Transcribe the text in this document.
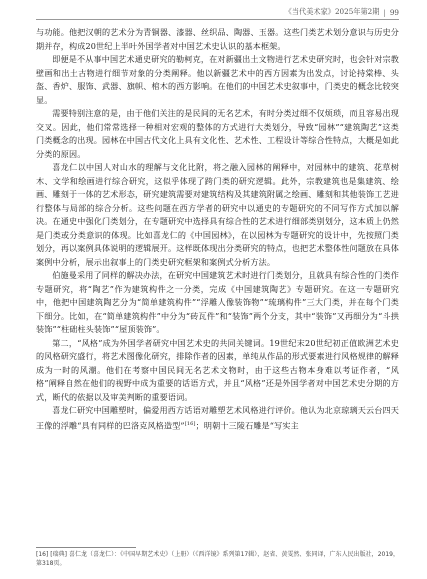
《当代美术家》2025年第2期 | 99

与功能。他把汉朝的艺术分为青铜器、漆器、丝织品、陶器、玉器。这些门类艺术划分意识与历史分期并存，构成20世纪上半叶外国学者对中国艺术史认识的基本框架。

即便是不从事中国艺术通史研究的勒柯克，在对新疆出土文物进行艺术史研究时，也会针对宗教壁画和出土古物进行细节对象的分类阐释。他以新疆艺术中的西方因素为出发点，讨论持棠棒、头盔、香炉、服饰、武器、旗帜、棺木的西方影响。在他们的中国艺术史叙事中，门类史的概念比较突显。

需要特别注意的是，由于他们关注的是民间的无名艺术，有时分类过细不仅烦琐，而且容易出现交叉。因此，他们常常选择一种相对宏观的整体的方式进行大类划分，导致“园林”“建筑陶艺”这类门类概念的出现。园林在中国古代文化上具有文化性、艺术性、工程设计等综合性特点，大概是如此分类的原因。

喜龙仁以中国人对山水的理解与文化比附，将之融入园林的阐释中，对园林中的建筑、花草树木、文学和绘画进行综合研究，这似乎体现了跨门类的研究逻辑。此外，宗教建筑也是集建筑、绘画、雕刻于一体的艺术形态，研究建筑需要对建筑结构及其建筑附属之绘画、雕刻和其他装饰工艺进行整体与局部的综合分析。这些问题在西方学者的研究中以通史的专题研究的不同写作方式加以解决。在通史中强化门类划分，在专题研究中选择具有综合性的艺术进行细部类别划分，这本质上仍然是门类或分类意识的体现。比如喜龙仁的《中国园林》，在以园林为专题研究的设计中，先按照门类划分，再以案例具体说明的逻辑展开。这样既体现出分类研究的特点，也把艺术整体性问题放在具体案例中分析，展示出叙事上的门类史研究框架和案例式分析方法。

伯施曼采用了同样的解决办法，在研究中国建筑艺术时进行门类划分，且就具有综合性的门类作专题研究，将“陶艺”作为建筑构件之一分类，完成《中国建筑陶艺》专题研究。在这一专题研究中，他把中国建筑陶艺分为“简单建筑构件”“浮雕人像装饰物”“琉璃构件”三大门类，并在每个门类下细分。比如，在“简单建筑构件”中分为“砖瓦件”和“装饰”两个分支，其中“装饰”又再细分为“斗拱装饰”“柱础柱头装饰”“屋顶装饰”。

第二，“风格”成为外国学者研究中国艺术史的共同关键词。19世纪末20世纪初正值欧洲艺术史的风格研究盛行，将艺术图像化研究，排除作者的因素，单纯从作品的形式要素进行风格规律的解释成为一时的风潮。他们在考察中国民间无名艺术文物时，由于这些古物本身难以考证作者，“风格”阐释自然在他们的视野中成为重要的话语方式，并且“风格”还是外国学者对中国艺术史分期的方式，断代的依据以及审美判断的重要语词。

喜龙仁研究中国雕塑时，偏爱用西方话语对雕塑艺术风格进行评价。他认为北京琼璃天云台四天王像的浮雕“具有同样的巴洛克风格造型”[16]；明朝十三陵石雕是“写实主

[16] [瑞典] 喜仁龙（喜龙仁）：《中国早期艺术史》（上册）（《西洋镜》系列第17辑），赵省、黄雯然、张同译，广东人民出版社，2019，第318页。
